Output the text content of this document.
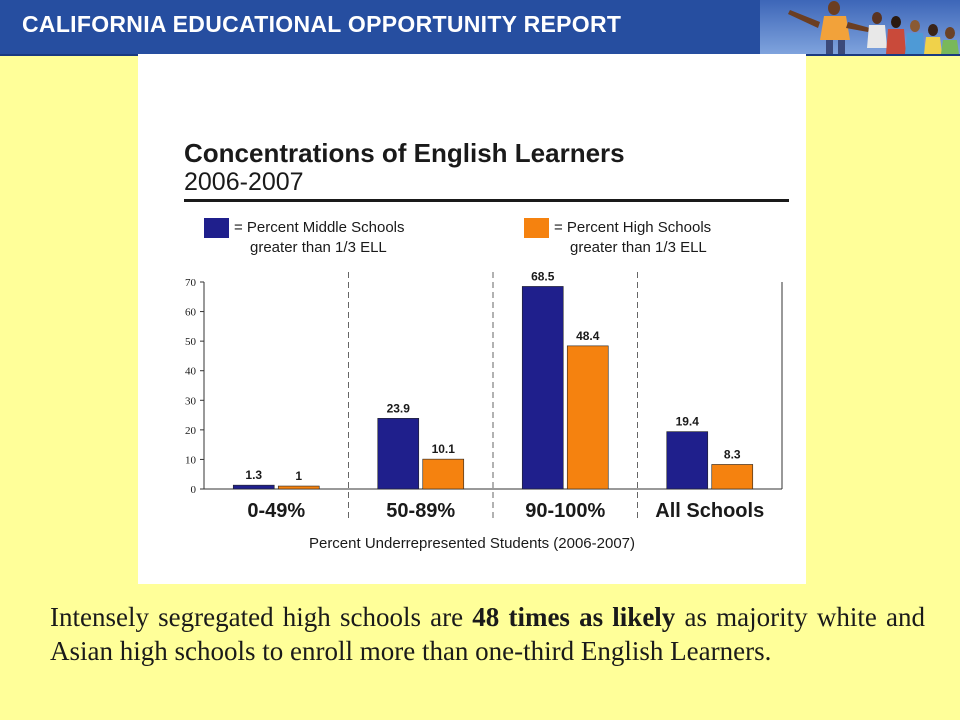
CALIFORNIA EDUCATIONAL OPPORTUNITY REPORT
Concentrations of English Learners
2006-2007
= Percent Middle Schools
greater than 1/3 ELL
= Percent High Schools
greater than 1/3 ELL
0
10
20
30
40
50
60
70
1.3	1
0-49%
23.9
10.1
50-89%
68.5
48.4
90-100%
19.4
8.3
All Schools
Percent Underrepresented Students (2006-2007)
Intensely segregated high schools are 48 times as likely as majority white and Asian high schools to enroll more than one-third English Learners.
